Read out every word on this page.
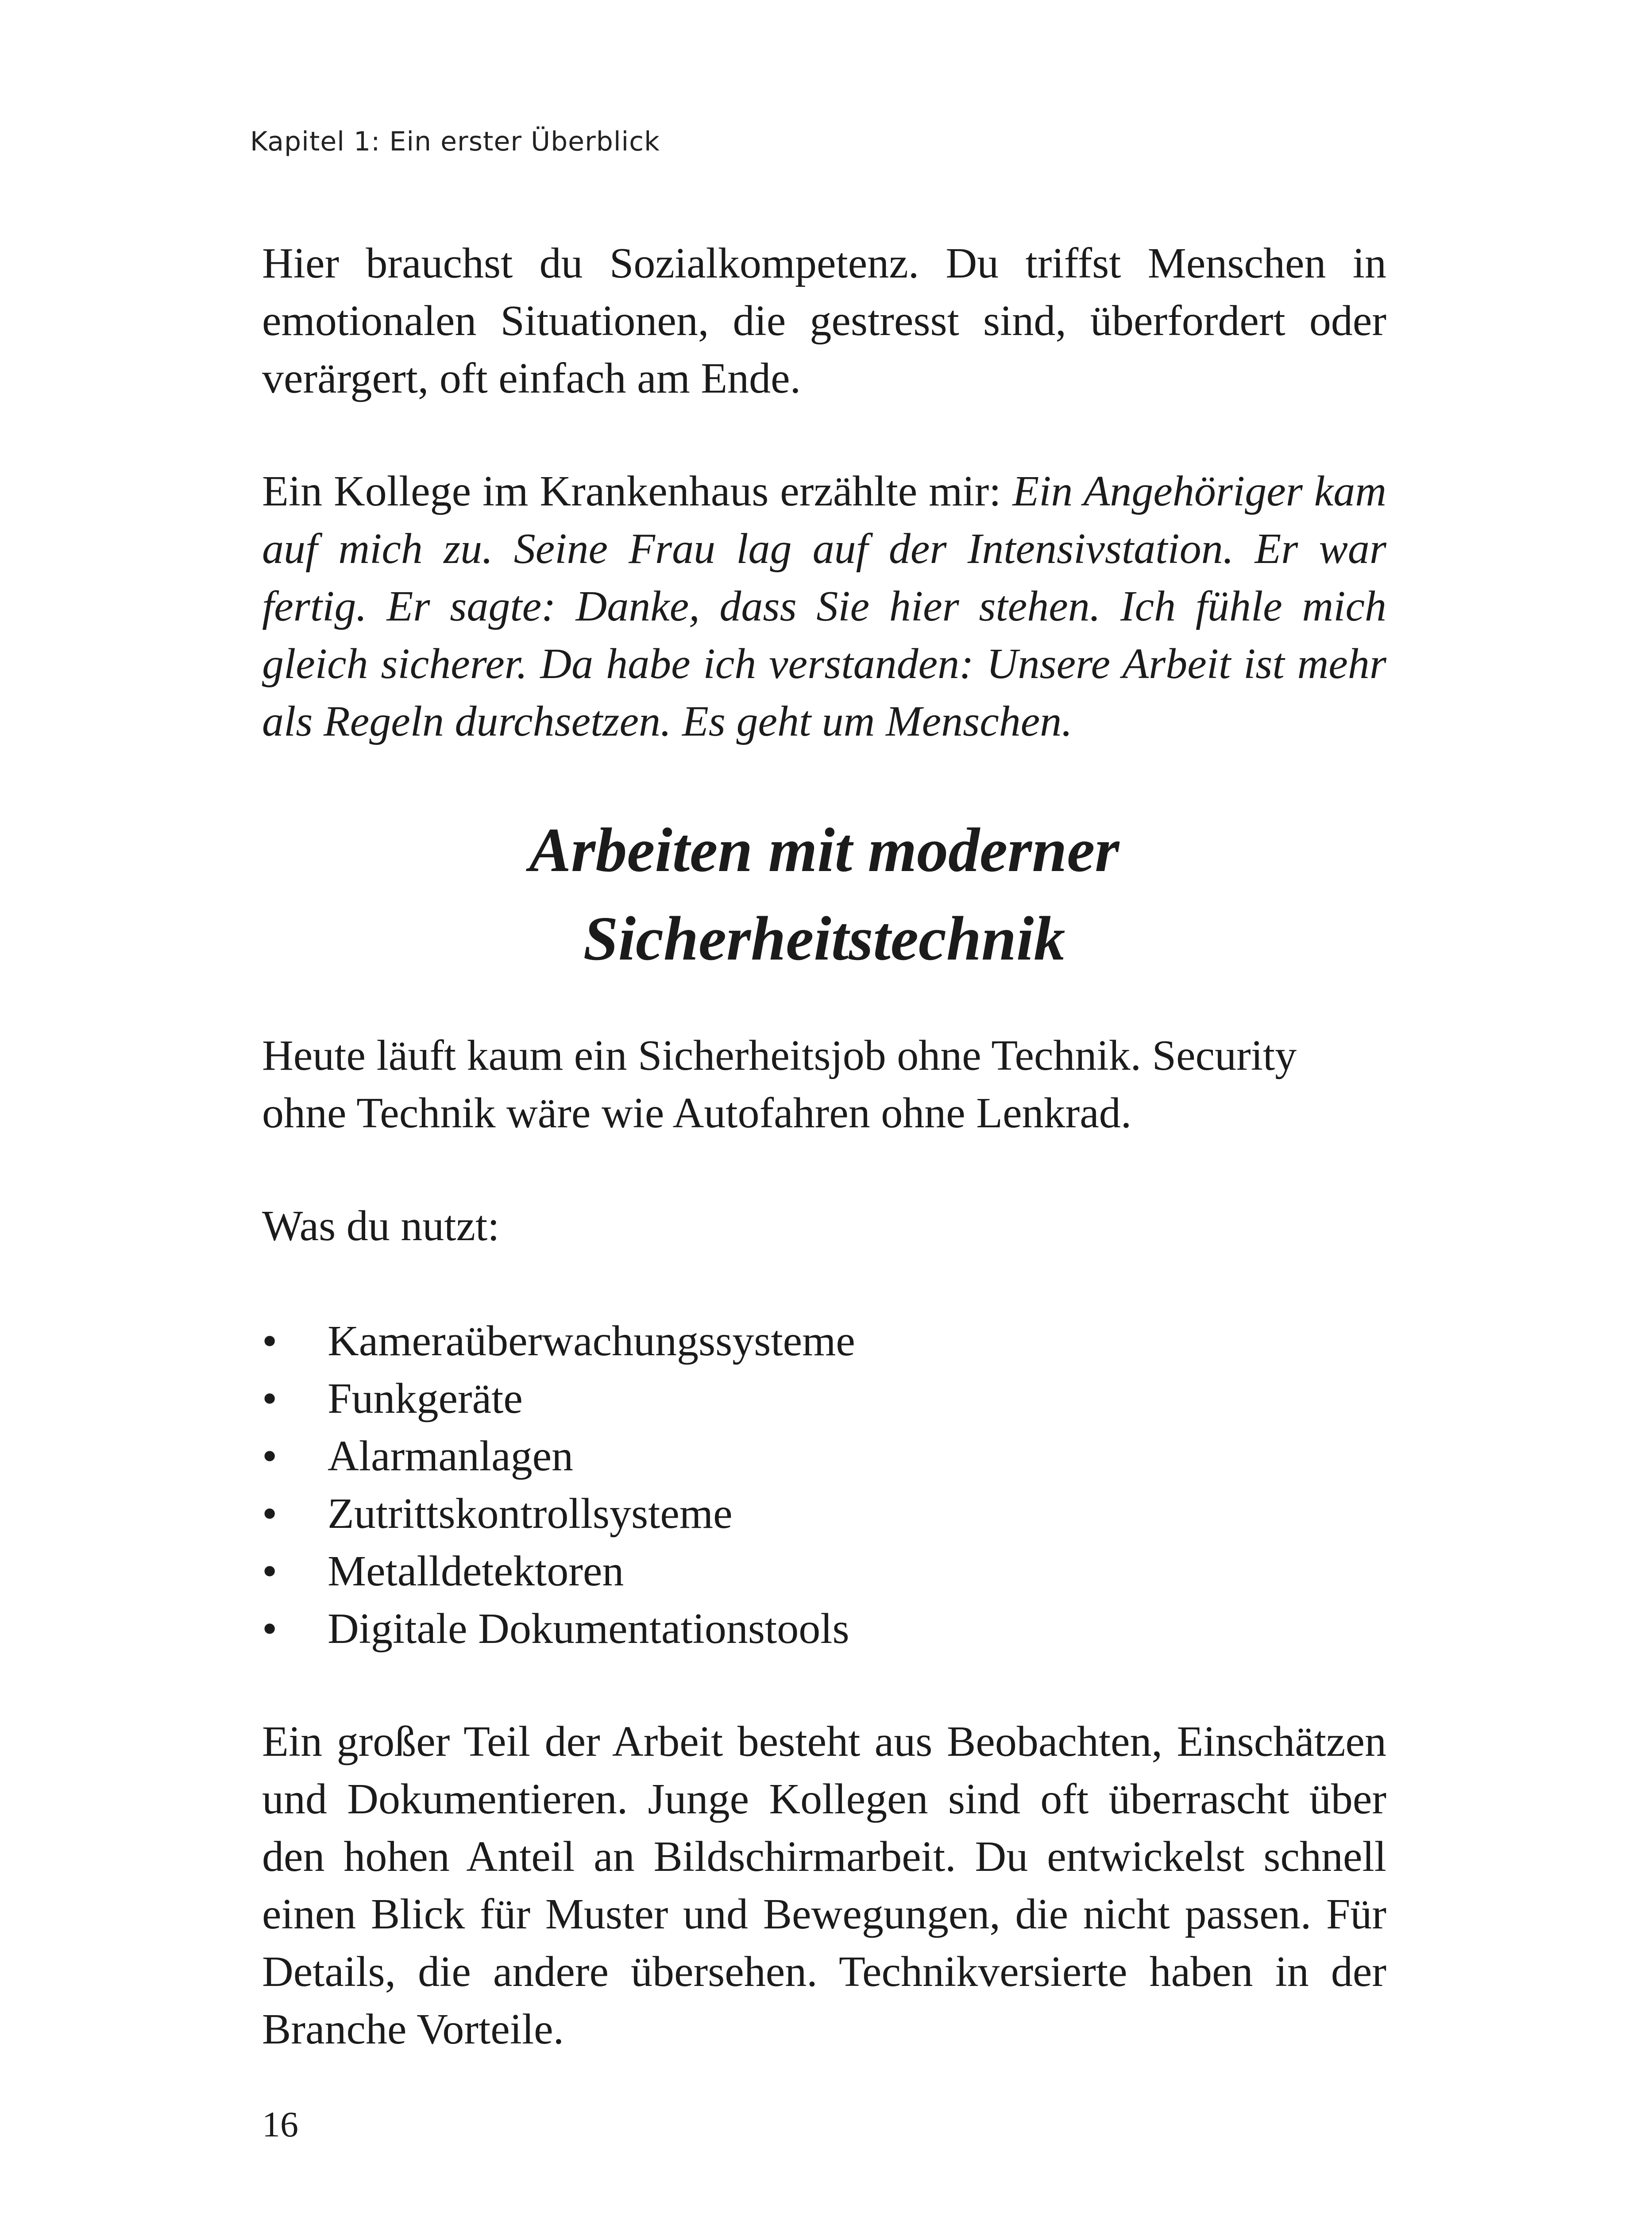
Kapitel 1: Ein erster Überblick

Hier brauchst du Sozialkompetenz. Du triffst Menschen in emotionalen Situationen, die gestresst sind, überfordert oder verärgert, oft einfach am Ende.

Ein Kollege im Krankenhaus erzählte mir: Ein Angehöriger kam auf mich zu. Seine Frau lag auf der Intensivstation. Er war fertig. Er sagte: Danke, dass Sie hier stehen. Ich fühle mich gleich sicherer. Da habe ich verstanden: Unsere Arbeit ist mehr als Regeln durchsetzen. Es geht um Menschen.

Arbeiten mit moderner
Sicherheitstechnik

Heute läuft kaum ein Sicherheitsjob ohne Technik. Security ohne Technik wäre wie Autofahren ohne Lenkrad.

Was du nutzt:

• Kameraüberwachungssysteme
• Funkgeräte
• Alarmanlagen
• Zutrittskontrollsysteme
• Metalldetektoren
• Digitale Dokumentationstools

Ein großer Teil der Arbeit besteht aus Beobachten, Einschätzen und Dokumentieren. Junge Kollegen sind oft überrascht über den hohen Anteil an Bildschirmarbeit. Du entwickelst schnell einen Blick für Muster und Bewegungen, die nicht passen. Für Details, die andere übersehen. Technikversierte haben in der Branche Vorteile.

16
